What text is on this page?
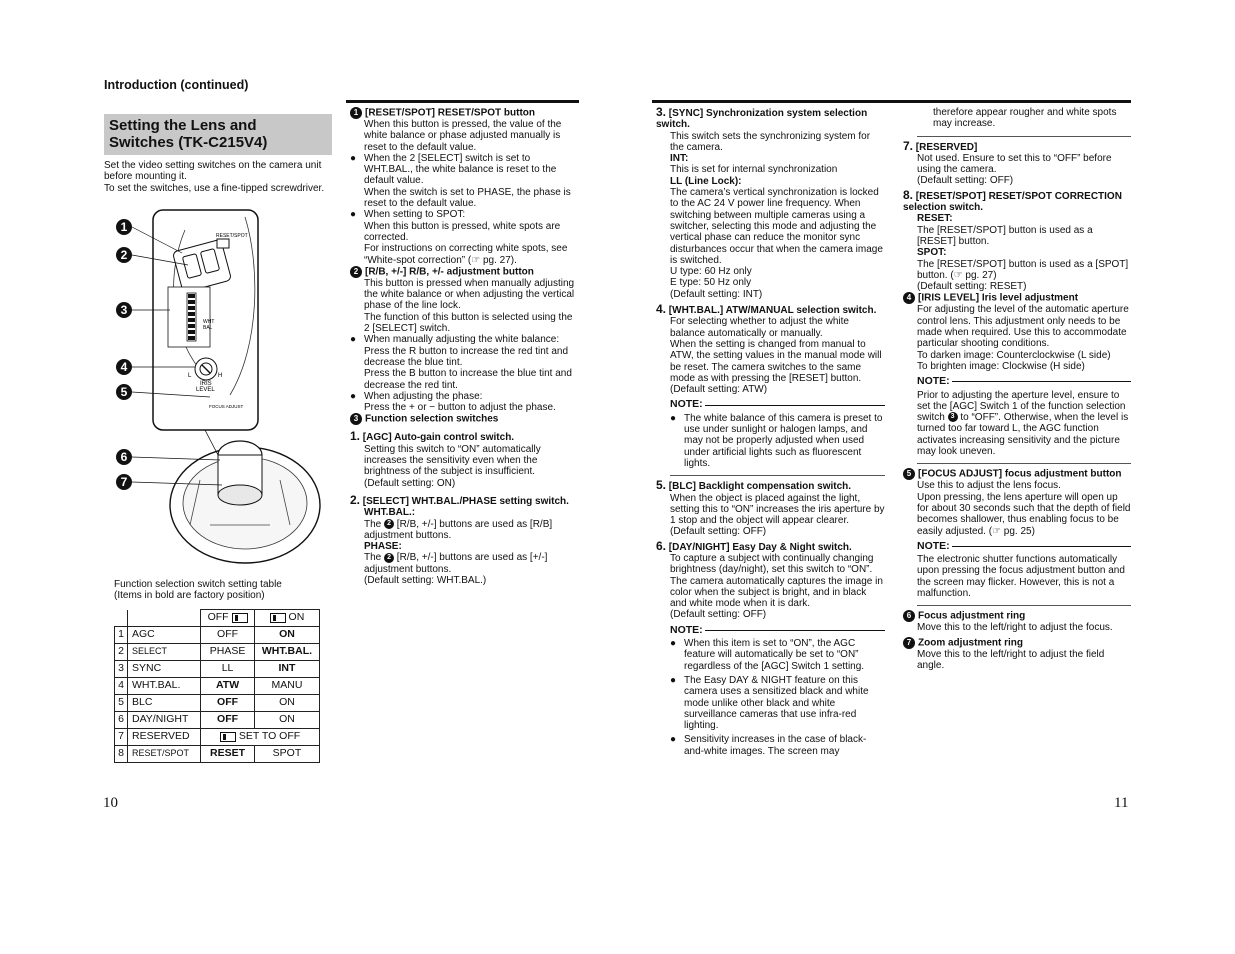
Introduction (continued)
Setting the Lens and
Switches (TK-C215V4)

Set the video setting switches on the camera unit before mounting it.

To set the switches, use a fine-tipped screwdriver.

RESET/SPOT
WHT
BAL
L	H
IRIS
LEVEL
FOCUS ADJUST
1
2
3
4
5
6
7

Function selection switch setting table

(Items in bold are factory position)

		OFF	ON
1	AGC	OFF	ON
2	SELECT	PHASE	WHT.BAL.
3	SYNC	LL	INT
4	WHT.BAL.	ATW	MANU
5	BLC	OFF	ON
6	DAY/NIGHT	OFF	ON
7	RESERVED	SET TO OFF	
8	RESET/SPOT	RESET	SPOT
10

1 [RESET/SPOT] RESET/SPOT button

When this button is pressed, the value of the white balance or phase adjusted manually is reset to the default value.

● When the 2 [SELECT] switch is set to WHT.BAL., the white balance is reset to the default value.
When the switch is set to PHASE, the phase is reset to the default value.
● When setting to SPOT:
When this button is pressed, white spots are corrected.
For instructions on correcting white spots, see “White-spot correction” (☞ pg. 27).

2 [R/B, +/-] R/B, +/- adjustment button

This button is pressed when manually adjusting the white balance or when adjusting the vertical phase of the line lock.

The function of this button is selected using the 2 [SELECT] switch.

● When manually adjusting the white balance:
Press the R button to increase the red tint and decrease the blue tint.
Press the B button to increase the blue tint and decrease the red tint.
● When adjusting the phase:
Press the + or − button to adjust the phase.

3 Function selection switches

1. [AGC] Auto-gain control switch.

Setting this switch to “ON” automatically increases the sensitivity even when the brightness of the subject is insufficient.

(Default setting: ON)

2. [SELECT] WHT.BAL./PHASE setting switch.

WHT.BAL.:

The 2 [R/B, +/-] buttons are used as [R/B] adjustment buttons.

PHASE:

The 2 [R/B, +/-] buttons are used as [+/-] adjustment buttons.

(Default setting: WHT.BAL.)

3. [SYNC] Synchronization system selection switch.

This switch sets the synchronizing system for the camera.

INT:

This is set for internal synchronization

LL (Line Lock):

The camera’s vertical synchronization is locked to the AC 24 V power line frequency. When switching between multiple cameras using a switcher, selecting this mode and adjusting the vertical phase can reduce the monitor sync disturbances occur that when the camera image is switched.

U type: 60 Hz only

E type: 50 Hz only

(Default setting: INT)

4. [WHT.BAL.] ATW/MANUAL selection switch.

For selecting whether to adjust the white balance automatically or manually.

When the setting is changed from manual to ATW, the setting values in the manual mode will be reset. The camera switches to the same mode as with pressing the [RESET] button.

(Default setting: ATW)

NOTE:
● The white balance of this camera is preset to use under sunlight or halogen lamps, and may not be properly adjusted when used under artificial lights such as fluorescent lights.

5. [BLC] Backlight compensation switch.

When the object is placed against the light, setting this to “ON” increases the iris aperture by 1 stop and the object will appear clearer.

(Default setting: OFF)

6. [DAY/NIGHT] Easy Day & Night switch.

To capture a subject with continually changing brightness (day/night), set this switch to “ON”. The camera automatically captures the image in color when the subject is bright, and in black and white mode when it is dark.

(Default setting: OFF)

NOTE:
● When this item is set to “ON”, the AGC feature will automatically be set to “ON” regardless of the [AGC] Switch 1 setting.
● The Easy DAY & NIGHT feature on this camera uses a sensitized black and white mode unlike other black and white surveillance cameras that use infra-red lighting.
● Sensitivity increases in the case of black-and-white images. The screen may

therefore appear rougher and white spots may increase.

7. [RESERVED]

Not used. Ensure to set this to “OFF” before using the camera.

(Default setting: OFF)

8. [RESET/SPOT] RESET/SPOT CORRECTION selection switch.

RESET:

The [RESET/SPOT] button is used as a [RESET] button.

SPOT:

The [RESET/SPOT] button is used as a [SPOT] button. (☞ pg. 27)

(Default setting: RESET)

4 [IRIS LEVEL] Iris level adjustment

For adjusting the level of the automatic aperture control lens. This adjustment only needs to be made when required. Use this to accommodate particular shooting conditions.

To darken image: Counterclockwise (L side)

To brighten image: Clockwise (H side)

NOTE:

Prior to adjusting the aperture level, ensure to set the [AGC] Switch 1 of the function selection switch 3 to “OFF”. Otherwise, when the level is turned too far toward L, the AGC function activates increasing sensitivity and the picture may look uneven.

5 [FOCUS ADJUST] focus adjustment button

Use this to adjust the lens focus.

Upon pressing, the lens aperture will open up for about 30 seconds such that the depth of field becomes shallower, thus enabling focus to be easily adjusted. (☞ pg. 25)

NOTE:

The electronic shutter functions automatically upon pressing the focus adjustment button and the screen may flicker. However, this is not a malfunction.

6 Focus adjustment ring

Move this to the left/right to adjust the focus.

7 Zoom adjustment ring

Move this to the left/right to adjust the field angle.

11
